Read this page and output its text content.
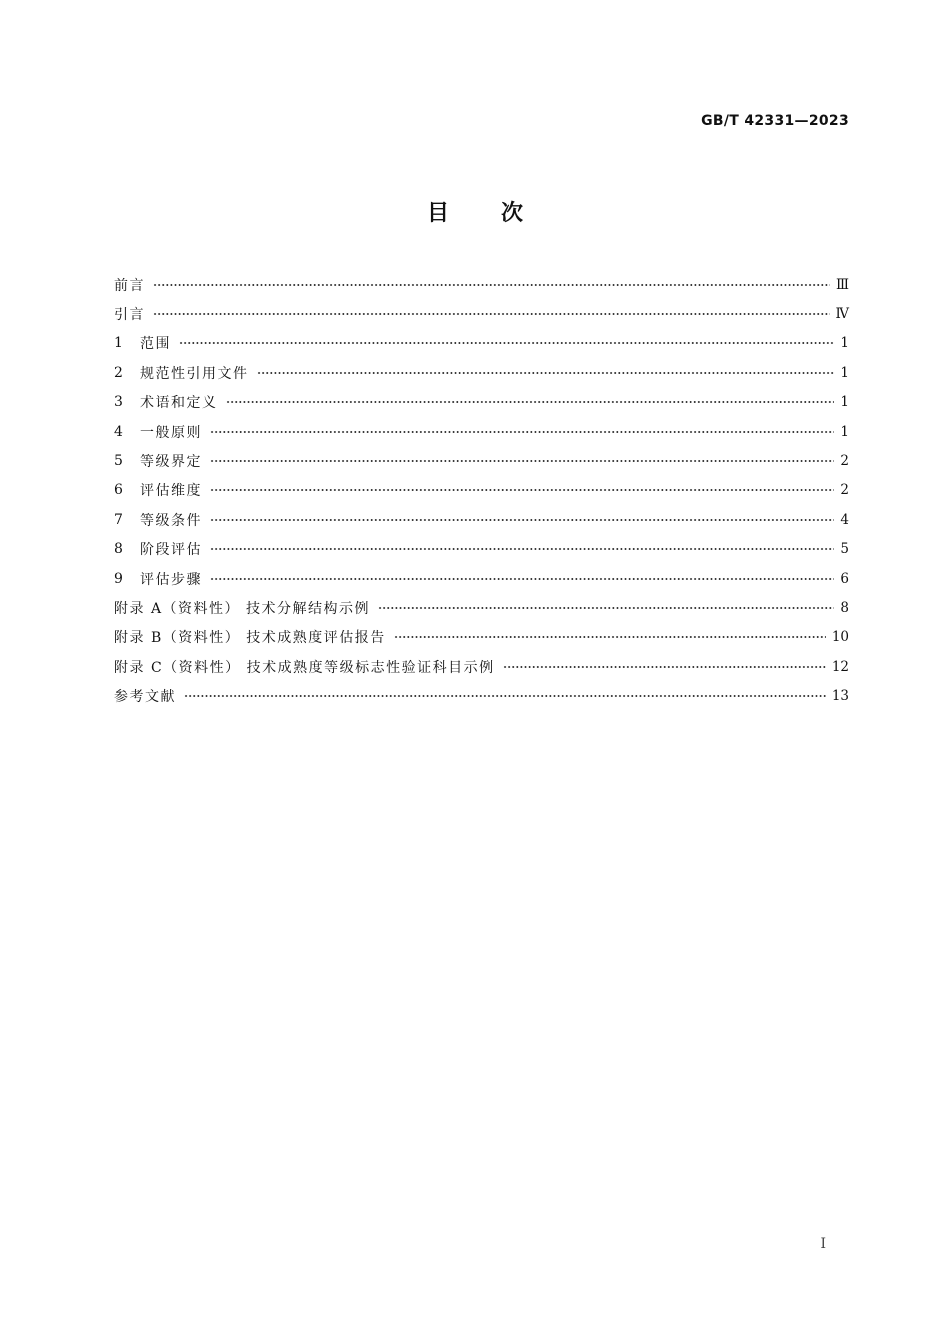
GB/T 42331—2023
目次
前言	Ⅲ
引言	Ⅳ
1	范围	1
2	规范性引用文件	1
3	术语和定义	1
4	一般原则	1
5	等级界定	2
6	评估维度	2
7	等级条件	4
8	阶段评估	5
9	评估步骤	6
附录 A（资料性） 技术分解结构示例	8
附录 B（资料性） 技术成熟度评估报告	10
附录 C（资料性） 技术成熟度等级标志性验证科目示例	12
参考文献	13
I
